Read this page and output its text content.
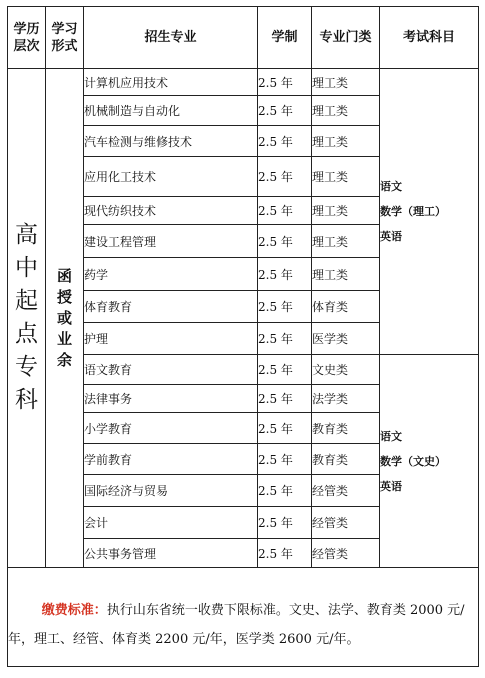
学历层次	学习形式	招生专业	学制	专业门类	考试科目
高中起点专科	函授或业余	计算机应用技术	2.5 年	理工类	语文
数学（理工）
英语

		机械制造与自动化	2.5 年	理工类	
		汽车检测与维修技术	2.5 年	理工类	
		应用化工技术	2.5 年	理工类	
		现代纺织技术	2.5 年	理工类	
		建设工程管理	2.5 年	理工类	
		药学	2.5 年	理工类	
		体育教育	2.5 年	体育类	
		护理	2.5 年	医学类	
		语文教育	2.5 年	文史类	语文
数学（文史）
英语

		法律事务	2.5 年	法学类	
		小学教育	2.5 年	教育类	
		学前教育	2.5 年	教育类	
		国际经济与贸易	2.5 年	经管类	
		会计	2.5 年	经管类	
		公共事务管理	2.5 年	经管类	

缴费标准：执行山东省统一收费下限标准。文史、法学、教育类 2000 元/年，理工、经管、体育类 2200 元/年，医学类 2600 元/年。					
